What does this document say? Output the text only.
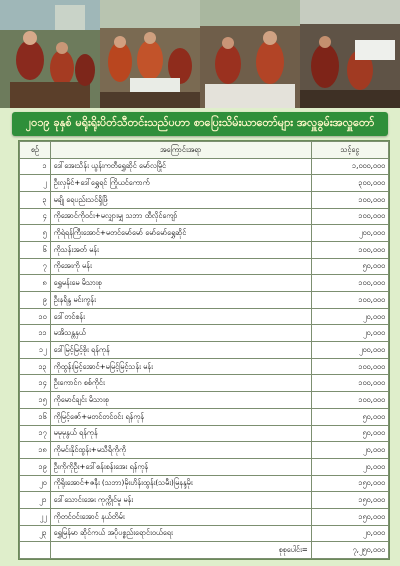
၂၀၁၉ ခုနှစ် မရိုးရိုးပိတ်သီတင်းသည်ပဟာ စာပြေးသိမ်းယာတော်များ အလှူခွမ်းအလှူတော်
စဉ်	အကြောင်းအရာ	သင့်ငွေ
၁	ဒေါ်အေးသိန်း ယွန်းကတီရွှေဆိုင် မော်လမြိုင်	၁,၀၀၀,၀၀၀
၂	ဦးလှမိုင်+ဒေါ်ရွှေရင် ကြိုယင်ကောက်	၃၀၀,၀၀၀
၃	မချို ရေပည်းသင်ရှိဖြိ	၁၀၀,၀၀၀
၄	ကိုအောင်ကိုဝင်း+မလျှားမျှ သဘာ ထီလိုင်ကျော်	၁၀၀,၀၀၀
၅	ကိုရဲရန်ကြီးအောင်+မတင်မော်မော် မော်မော်ရွှေဆိုင်	၂၀၀,၀၀၀
၆	ကိုသန်းအတ် မန်း	၁၀၀,၀၀၀
၇	ကိုအေးကို မန်း	၅၀,၀၀၀
၈	ရွှေမန်းမေ မိသားစု	၁၀၀,၀၀၀
၉	ဦးနရိန္ဒ မင်းကွန်း	၁၀၀,၀၀၀
၁၀	ဒေါ်တင်စန်း	၂၀,၀၀၀
၁၁	မအိသန္တနှယ်	၂၀,၀၀၀
၁၂	ဒေါ်မြင့်မြင့်စိုး ရန်ကုန်	၂၀၀,၀၀၀
၁၃	ကိုထွန်းမြင့်အောင်+မမြင့်မြင့်သန်း မန်း	၁၀၀,၀၀၀
၁၄	ဦးကောင်ဂ စစ်ကိုင်း	၁၀၀,၀၀၀
၁၅	ကိုမောင်ချင်း မိသားစု	၁၀၀,၀၀၀
၁၆	ကိုမြင့်ဇော်+မတင်တင်ဝင်း ရန်ကုန်	၅၀,၀၀၀
၁၇	မမုမုနွယ် ရန်ကုန်	၅၀,၀၀၀
၁၈	ကိုမင်းနိုင်ထွန်း+မသီရိကိုကို	၂၀,၀၀၀
၁၉	ဦးကိုကိုဦး+ဒေါ်စန်းစန်းအေး ရန်ကုန်	၂၀,၀၀၀
၂၀	ကိုရိုးအောင်+ဇနီး (သဘာ)မိုးဟိန်းထွန်း(သမီး)မြနန္ဒမိုး	၁၅၀,၀၀၀
၂၁	ဒေါ်သောင်းအေး ကုက္ကိုင်မူ မန်း	၁၅၀,၀၀၀
၂၂	ကိုတင်ဝင်းအောင် နယ်တိမ်း	၁၅၀,၀၀၀
၂၃	ရွှေမြန်မာ ဆိုင်ကယ် အပိုပစ္စည်းရောင်းဝယ်ရေး	၂၀,၀၀၀
	စုစုပေါင်း=	၇,၂၅၀,၀၀၀
